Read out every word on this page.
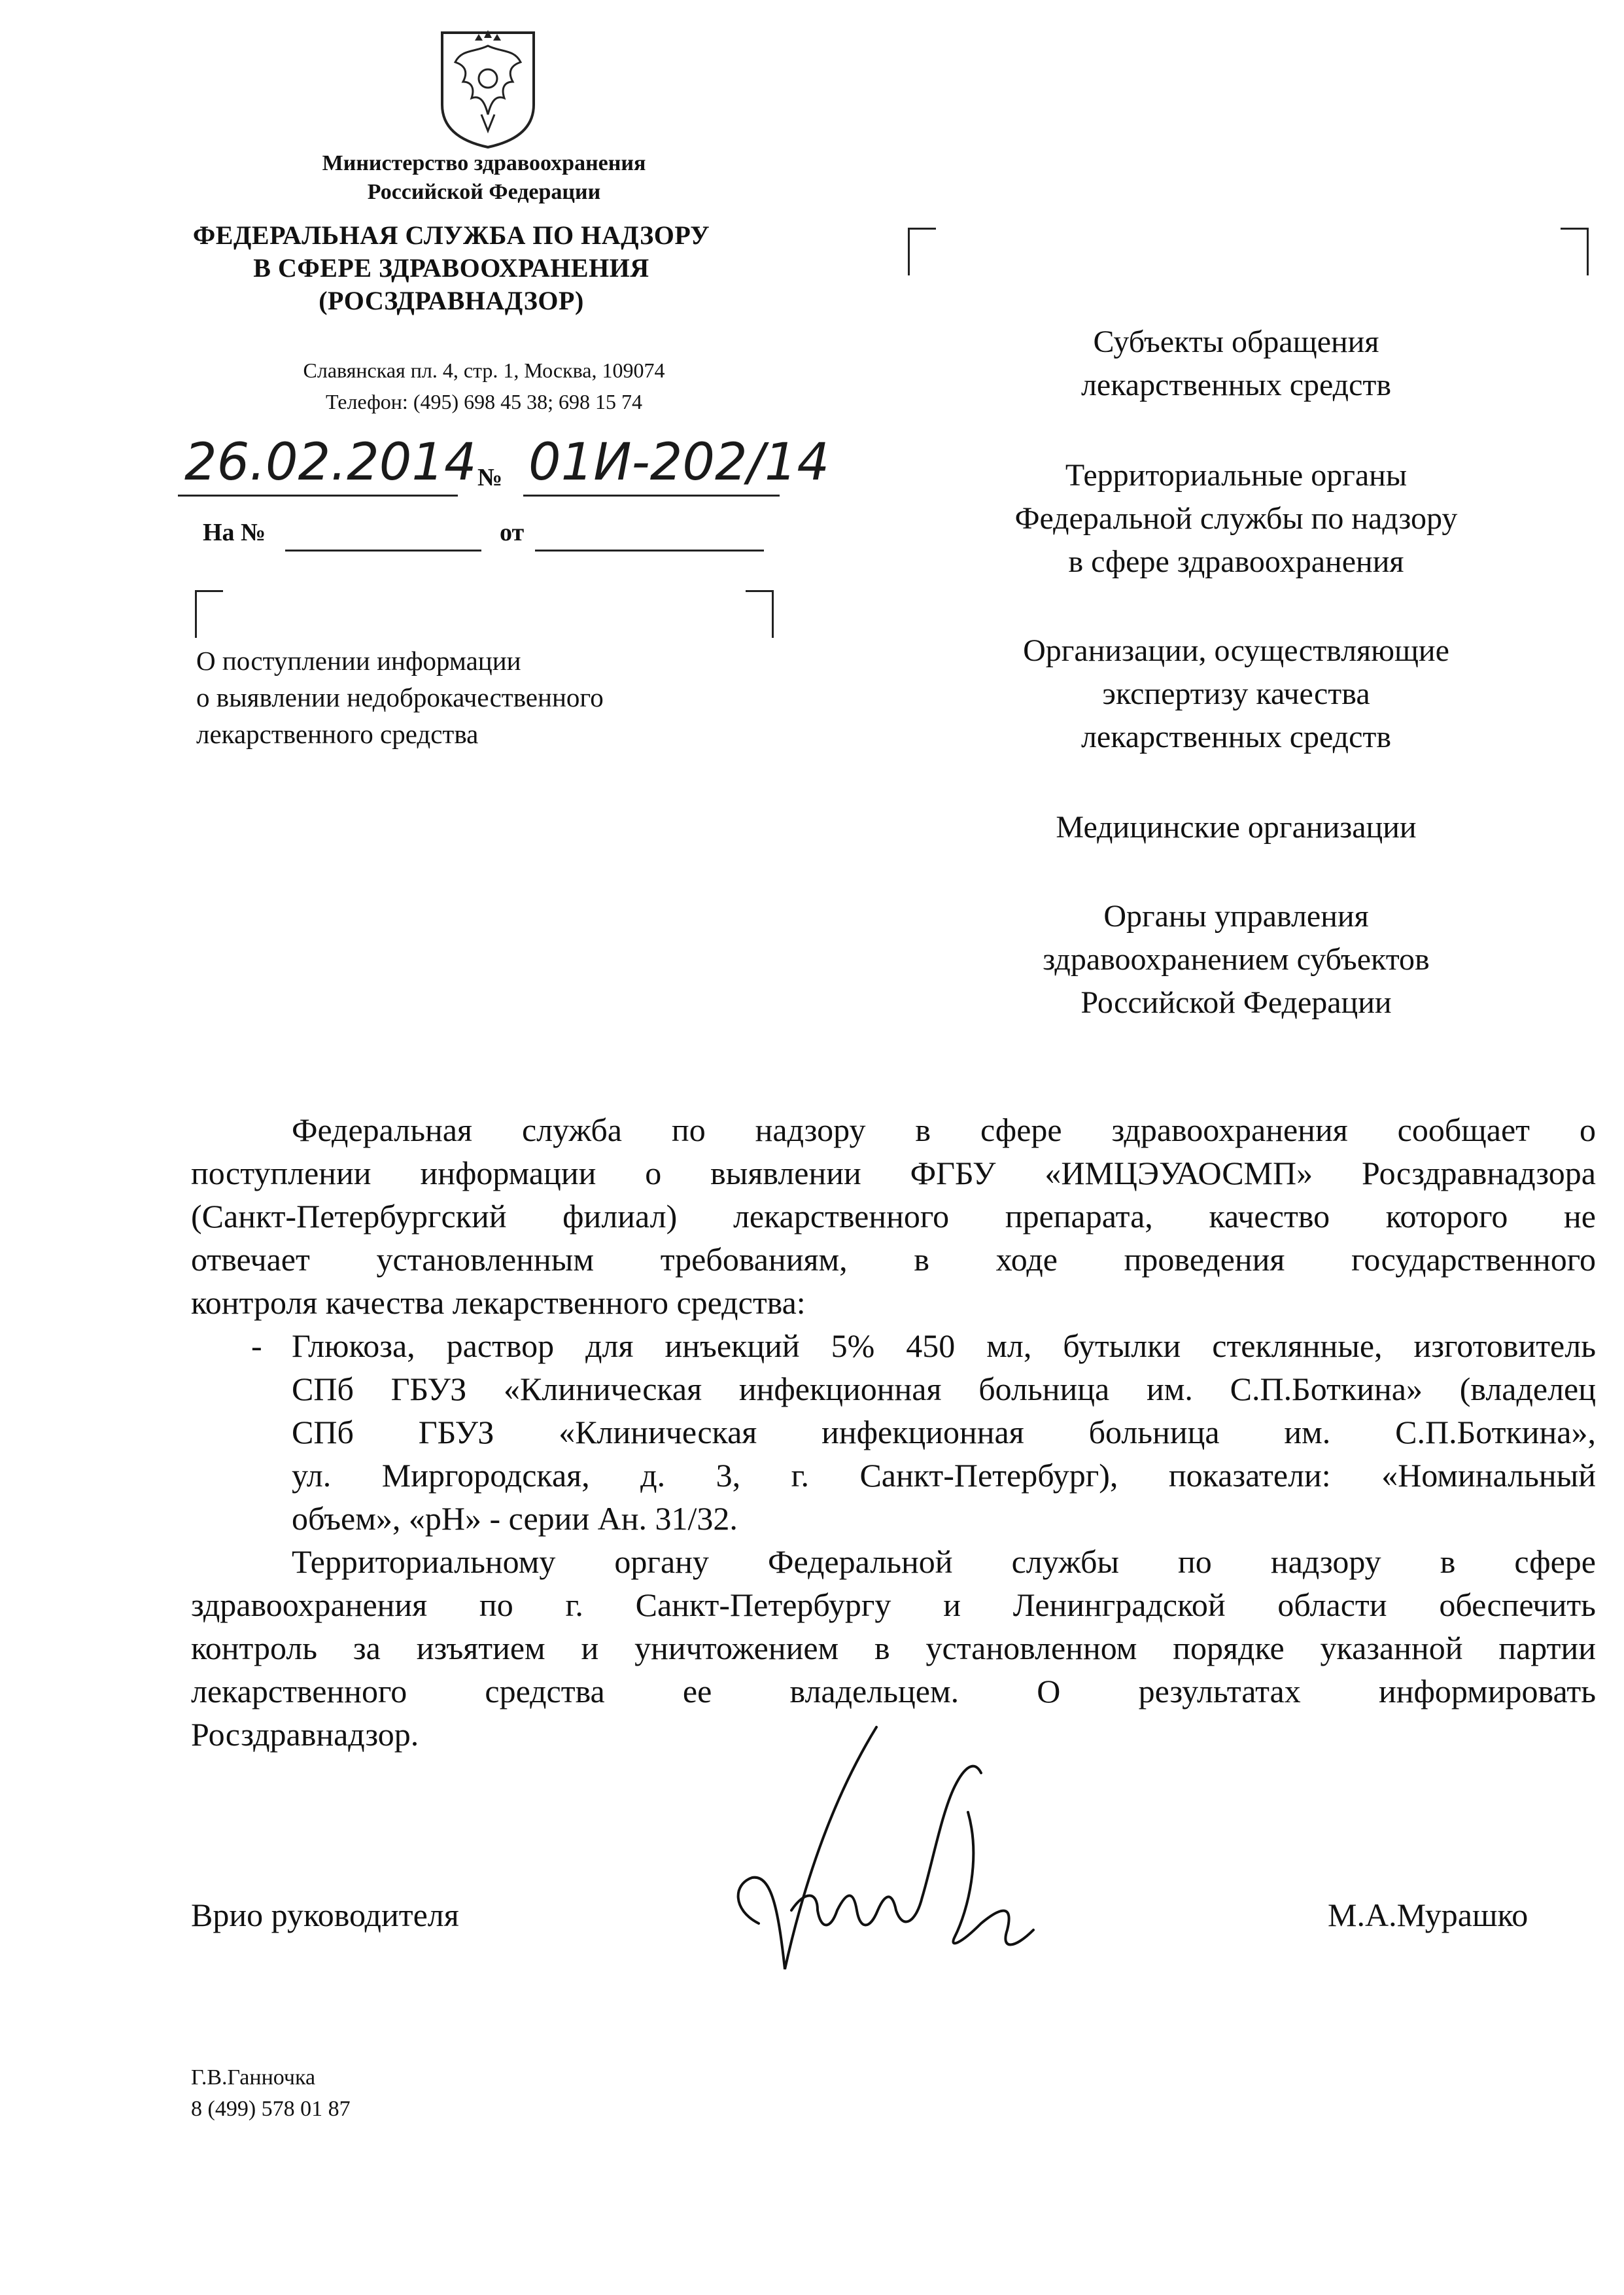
Министерство здравоохранения
Российской Федерации
ФЕДЕРАЛЬНАЯ СЛУЖБА ПО НАДЗОРУ
В СФЕРЕ ЗДРАВООХРАНЕНИЯ
(РОСЗДРАВНАДЗОР)
Славянская пл. 4, стр. 1, Москва, 109074
Телефон: (495) 698 45 38; 698 15 74
26.02.2014 № 01И-202/14
На №	от
О поступлении информации
о выявлении недоброкачественного
лекарственного средства
Субъекты обращения
лекарственных средств
Территориальные органы
Федеральной службы по надзору
в сфере здравоохранения
Организации, осуществляющие
экспертизу качества
лекарственных средств
Медицинские организации
Органы управления
здравоохранением субъектов
Российской Федерации
Федеральная служба по надзору в сфере здравоохранения сообщает о
поступлении информации о выявлении ФГБУ «ИМЦЭУАОСМП» Росздравнадзора
(Санкт-Петербургский филиал) лекарственного препарата, качество которого не
отвечает установленным требованиям, в ходе проведения государственного
контроля качества лекарственного средства:
- Глюкоза, раствор для инъекций 5% 450 мл, бутылки стеклянные, изготовитель
СПб ГБУЗ «Клиническая инфекционная больница им. С.П.Боткина» (владелец
СПб ГБУЗ «Клиническая инфекционная больница им. С.П.Боткина»,
ул. Миргородская, д. 3, г. Санкт-Петербург), показатели: «Номинальный
объем», «pH» - серии Ан. 31/32.
Территориальному органу Федеральной службы по надзору в сфере
здравоохранения по г. Санкт-Петербургу и Ленинградской области обеспечить
контроль за изъятием и уничтожением в установленном порядке указанной партии
лекарственного средства ее владельцем. О результатах информировать
Росздравнадзор.
Врио руководителя	М.А.Мурашко
Г.В.Ганночка
8 (499) 578 01 87
